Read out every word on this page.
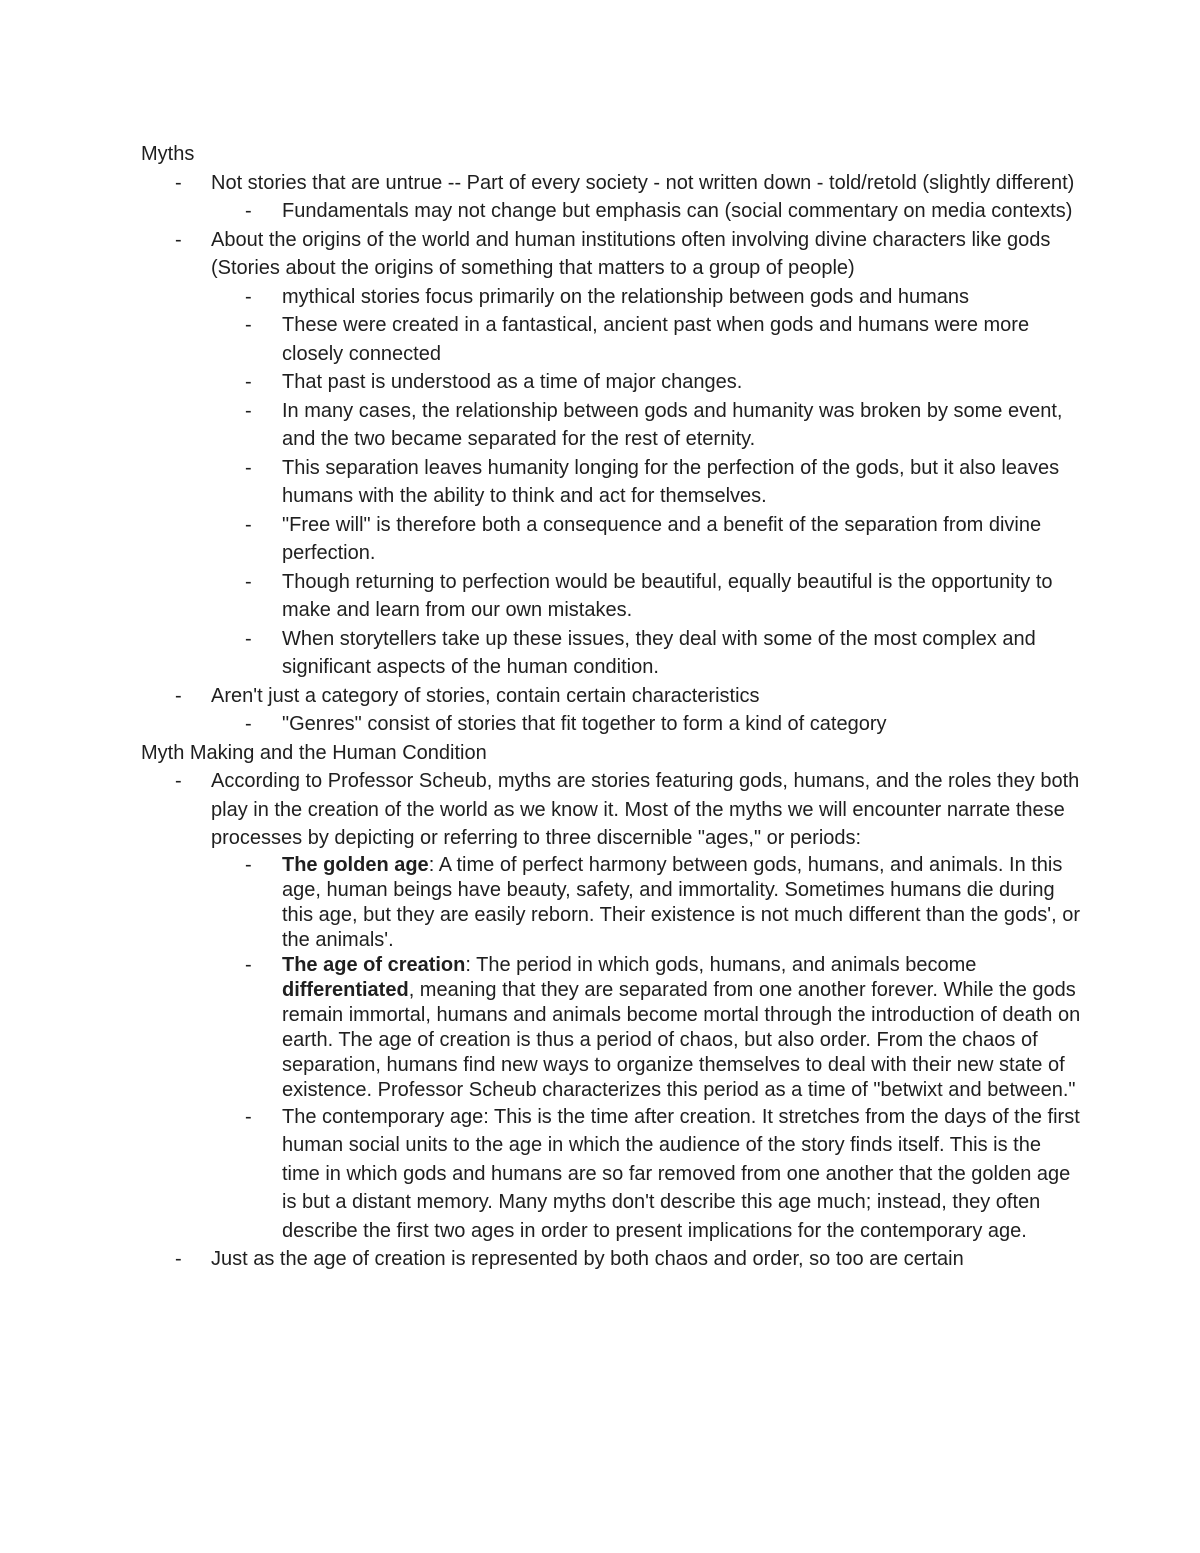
Myths

-	Not stories that are untrue -- Part of every society - not written down - told/retold (slightly different)
-	Fundamentals may not change but emphasis can (social commentary on media contexts)
-	About the origins of the world and human institutions often involving divine characters like gods (Stories about the origins of something that matters to a group of people)
-	mythical stories focus primarily on the relationship between gods and humans
-	These were created in a fantastical, ancient past when gods and humans were more closely connected
-	That past is understood as a time of major changes.
-	In many cases, the relationship between gods and humanity was broken by some event, and the two became separated for the rest of eternity.
-	This separation leaves humanity longing for the perfection of the gods, but it also leaves humans with the ability to think and act for themselves.
-	"Free will" is therefore both a consequence and a benefit of the separation from divine perfection.
-	Though returning to perfection would be beautiful, equally beautiful is the opportunity to make and learn from our own mistakes.
-	When storytellers take up these issues, they deal with some of the most complex and significant aspects of the human condition.
-	Aren't just a category of stories, contain certain characteristics
-	"Genres" consist of stories that fit together to form a kind of category

Myth Making and the Human Condition

-	According to Professor Scheub, myths are stories featuring gods, humans, and the roles they both play in the creation of the world as we know it. Most of the myths we will encounter narrate these processes by depicting or referring to three discernible "ages," or periods:
-	The golden age: A time of perfect harmony between gods, humans, and animals. In this age, human beings have beauty, safety, and immortality. Sometimes humans die during this age, but they are easily reborn. Their existence is not much different than the gods', or the animals'.
-	The age of creation: The period in which gods, humans, and animals become differentiated, meaning that they are separated from one another forever. While the gods remain immortal, humans and animals become mortal through the introduction of death on earth. The age of creation is thus a period of chaos, but also order. From the chaos of separation, humans find new ways to organize themselves to deal with their new state of existence. Professor Scheub characterizes this period as a time of "betwixt and between."
-	The contemporary age: This is the time after creation. It stretches from the days of the first human social units to the age in which the audience of the story finds itself. This is the time in which gods and humans are so far removed from one another that the golden age is but a distant memory. Many myths don't describe this age much; instead, they often describe the first two ages in order to present implications for the contemporary age.
-	Just as the age of creation is represented by both chaos and order, so too are certain
